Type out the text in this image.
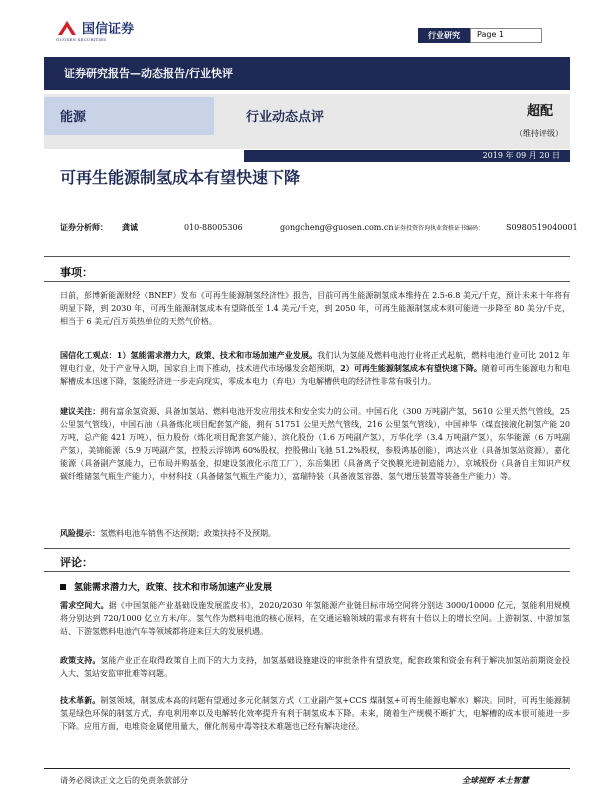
国信证券
GUOSEN SECURITIES	行业研究	Page 1
证券研究报告—动态报告/行业快评
能源	行业动态点评	超配
（维持评级）
2019 年 09 月 20 日
可再生能源制氢成本有望快速下降
证券分析师：	龚诚	010-88005306	gongcheng@guosen.com.cn 证券投资咨询执业资格证书编码：	S0980519040001
事项：
日前，彭博新能源财经（BNEF）发布《可再生能源制氢经济性》报告，目前可再生能源制氢成本维持在 2.5-6.8 美元/千克，预计未来十年将有明显下降，到 2030 年，可再生能源制氢成本有望降低至 1.4 美元/千克，到 2050 年，可再生能源制氢成本则可能进一步降至 80 美分/千克，相当于 6 美元/百万英热单位的天然气价格。
国信化工观点：1）氢能需求潜力大，政策、技术和市场加速产业发展。我们认为氢能及燃料电池行业将正式起航，燃料电池行业可比 2012 年锂电行业，处于产业导入期，国家自上而下推动，技术进代市场爆发会超预期，2）可再生能源制氢成本有望快速下降。随着可再生能源电力和电解槽成本迅速下降，氢能经济进一步走向现实，零成本电力（弃电）为电解槽供电的经济性非常有吸引力。
建议关注：拥有富余氢资源、具备加氢站、燃料电池开发应用技术和安全实力的公司。中国石化（300 万吨副产氢，5610 公里天然气管线，25 公里氢气管线），中国石油（具备炼化项目配套氢产能，拥有 51751 公里天然气管线，216 公里氢气管线），中国神华（煤直接液化制氢产能 20 万吨，总产能 421 万吨），恒力股份（炼化项目配套氢产能），滨化股份（1.6 万吨副产氢），万华化学（3.4 万吨副产氢），东华能源（6 万吨副产氢），美锦能源（5.9 万吨副产氢，控股云浮锦鸿 60%股权，控股佛山飞驰 51.2%股权，参股鸿基创能），鸿达兴业（具备加氢站资源），嘉化能源（具备副产氢能力，已布局并购基金，拟建设氢液化示范工厂），东岳集团（具备离子交换膜光进制造能力），京城股份（具备自主知识产权碳纤维储氢气瓶生产能力），中材科技（具备储氢气瓶生产能力），富瑞特装（具备液氢容器、氢气增压装置等装备生产能力）等。
风险提示：氢燃料电池车销售不达预期；政策扶持不及预期。
评论：
氢能需求潜力大，政策、技术和市场加速产业发展
需求空间大。据《中国氢能产业基础设施发展蓝皮书》，2020/2030 年氢能源产业链目标市场空间将分别达 3000/10000 亿元，氢能利用规模将分别达到 720/1000 亿立方米/年。氢气作为燃料电池的核心原料，在交通运输领域的需求有将有十倍以上的增长空间。上游制氢、中游加氢站、下游氢燃料电池汽车等领域都将迎来巨大的发展机遇。
政策支持。氢能产业正在取得政策自上而下的大力支持，加氢基础设施建设的审批条件有望放宽，配套政策和资金有利于解决加氢站前期资金投入大、氢站安监审批难等问题。
技术革新。制氢领域，制氢成本高的问题有望通过多元化制氢方式（工业副产氢+CCS 煤制氢+可再生能源电解水）解决。同时，可再生能源制氢是绿色环保的制氢方式，弃电利用率以及电解转化效率提升有利于制氢成本下降。未来，随着生产规模不断扩大，电解槽的成本很可能进一步下降。应用方面，电堆资金属使用量大，催化剂易中毒等技术难题也已经有解决途径。
请务必阅读正文之后的免责条款部分	全球视野 本土智慧
